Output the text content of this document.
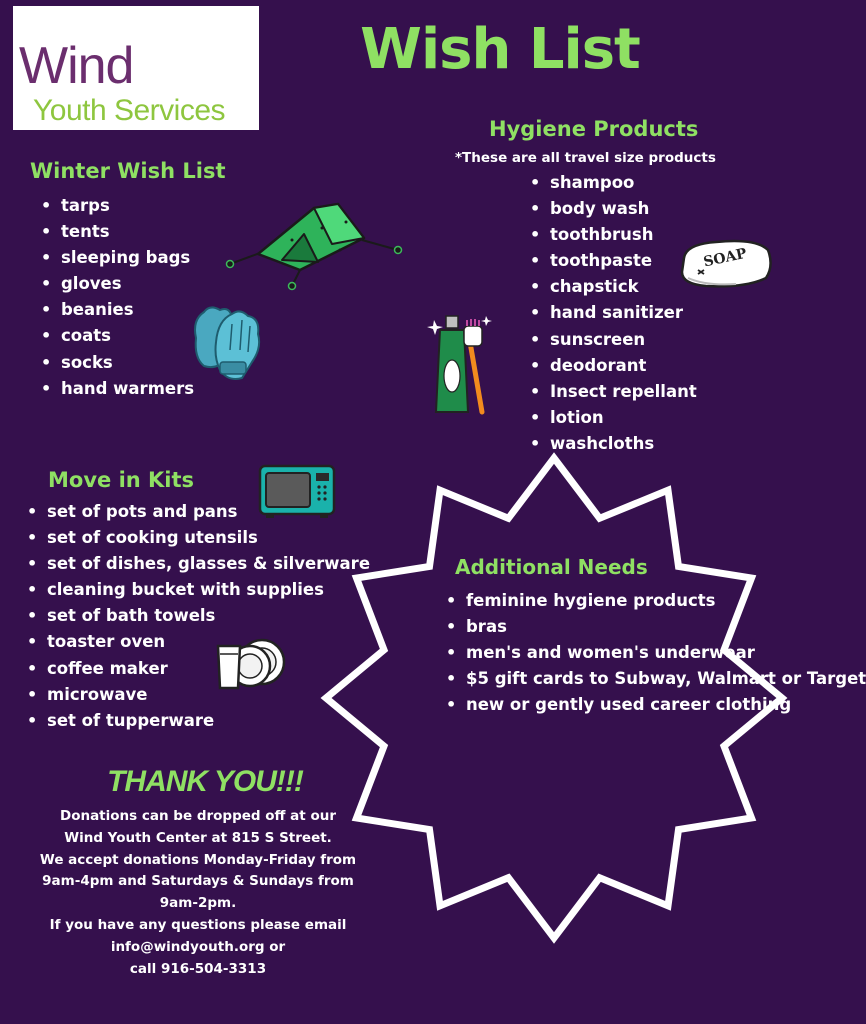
Wind
Youth Services
Wish List
Winter Wish List
• tarps
• tents
• sleeping bags
• gloves
• beanies
• coats
• socks
• hand warmers
Hygiene Products
*These are all travel size products
• shampoo
• body wash
• toothbrush
• toothpaste
• chapstick
• hand sanitizer
• sunscreen
• deodorant
• Insect repellant
• lotion
• washcloths
SOAP
Move in Kits
• set of pots and pans
• set of cooking utensils
• set of dishes, glasses & silverware
• cleaning bucket with supplies
• set of bath towels
• toaster oven
• coffee maker
• microwave
• set of tupperware
Additional Needs
• feminine hygiene products
• bras
• men's and women's underwear
• $5 gift cards to Subway, Walmart or Target
• new or gently used career clothing
THANK YOU!!!
Donations can be dropped off at our
Wind Youth Center at 815 S Street.
We accept donations Monday-Friday from
9am-4pm and Saturdays & Sundays from
9am-2pm.
If you have any questions please email
info@windyouth.org or
call 916-504-3313
